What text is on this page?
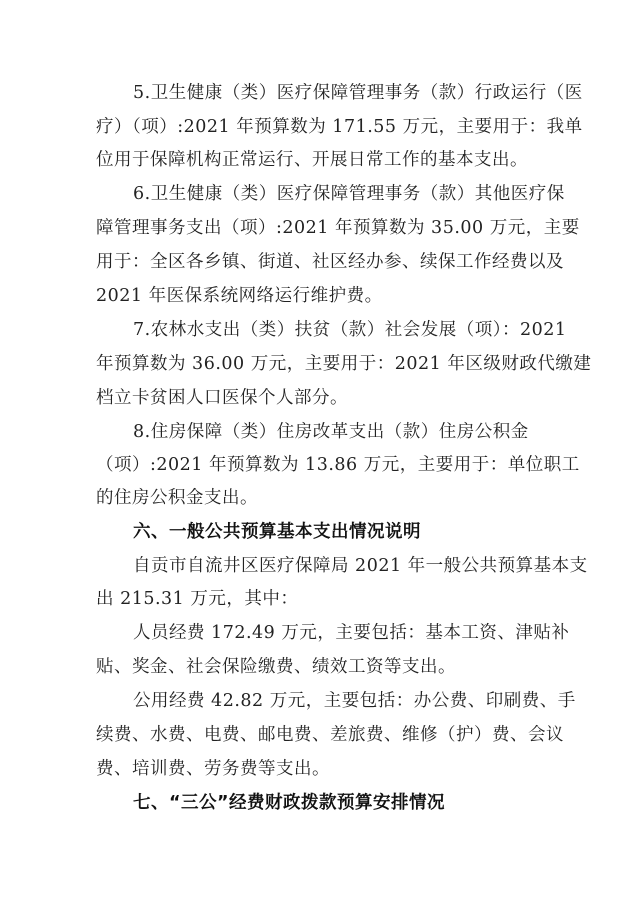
5.卫生健康（类）医疗保障管理事务（款）行政运行（医
疗）（项）:2021 年预算数为 171.55 万元，主要用于：我单
位用于保障机构正常运行、开展日常工作的基本支出。
6.卫生健康（类）医疗保障管理事务（款）其他医疗保
障管理事务支出（项）:2021 年预算数为 35.00 万元，主要
用于：全区各乡镇、街道、社区经办参、续保工作经费以及
2021 年医保系统网络运行维护费。
7.农林水支出（类）扶贫（款）社会发展（项）：2021
年预算数为 36.00 万元，主要用于：2021 年区级财政代缴建
档立卡贫困人口医保个人部分。
8.住房保障（类）住房改革支出（款）住房公积金
（项）:2021 年预算数为 13.86 万元，主要用于：单位职工
的住房公积金支出。
六、一般公共预算基本支出情况说明
自贡市自流井区医疗保障局 2021 年一般公共预算基本支
出 215.31 万元，其中：
人员经费 172.49 万元，主要包括：基本工资、津贴补
贴、奖金、社会保险缴费、绩效工资等支出。
公用经费 42.82 万元，主要包括：办公费、印刷费、手
续费、水费、电费、邮电费、差旅费、维修（护）费、会议
费、培训费、劳务费等支出。
七、“三公”经费财政拨款预算安排情况
